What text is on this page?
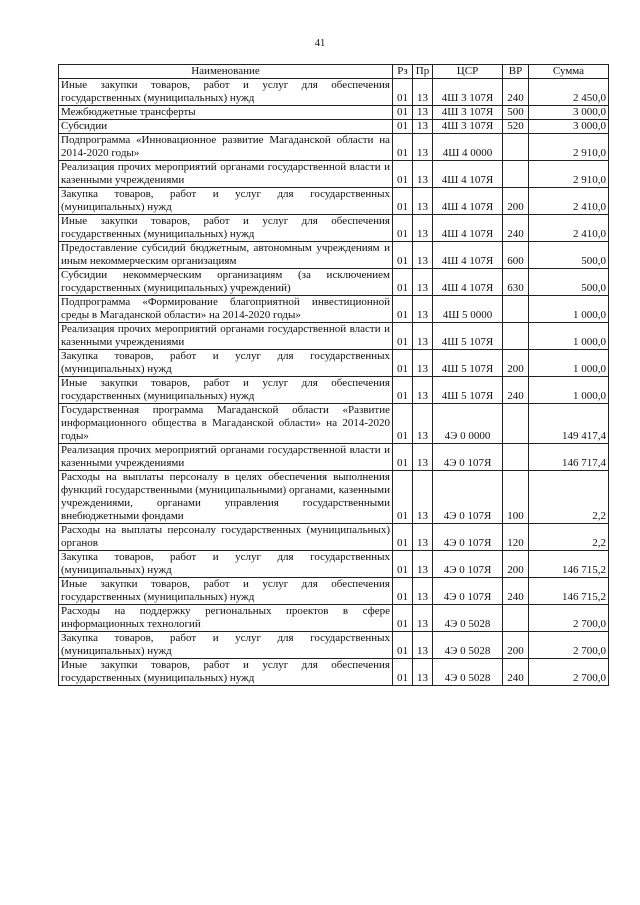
41
Наименование	Рз	Пр	ЦСР	ВР	Сумма
Иные закупки товаров, работ и услуг для обеспечения государственных (муниципальных) нужд	01	13	4Ш 3 107Я	240	2 450,0
Межбюджетные трансферты	01	13	4Ш 3 107Я	500	3 000,0
Субсидии	01	13	4Ш 3 107Я	520	3 000,0
Подпрограмма «Инновационное развитие Магаданской области на 2014-2020 годы»	01	13	4Ш 4 0000		2 910,0
Реализация прочих мероприятий органами государственной власти и казенными учреждениями	01	13	4Ш 4 107Я		2 910,0
Закупка товаров, работ и услуг для государственных (муниципальных) нужд	01	13	4Ш 4 107Я	200	2 410,0
Иные закупки товаров, работ и услуг для обеспечения государственных (муниципальных) нужд	01	13	4Ш 4 107Я	240	2 410,0
Предоставление субсидий бюджетным, автономным учреждениям и иным некоммерческим организациям	01	13	4Ш 4 107Я	600	500,0
Субсидии некоммерческим организациям (за исключением государственных (муниципальных) учреждений)	01	13	4Ш 4 107Я	630	500,0
Подпрограмма «Формирование благоприятной инвестиционной среды в Магаданской области» на 2014-2020 годы»	01	13	4Ш 5 0000		1 000,0
Реализация прочих мероприятий органами государственной власти и казенными учреждениями	01	13	4Ш 5 107Я		1 000,0
Закупка товаров, работ и услуг для государственных (муниципальных) нужд	01	13	4Ш 5 107Я	200	1 000,0
Иные закупки товаров, работ и услуг для обеспечения государственных (муниципальных) нужд	01	13	4Ш 5 107Я	240	1 000,0
Государственная программа Магаданской области «Развитие информационного общества в Магаданской области» на 2014-2020 годы»	01	13	4Э 0 0000		149 417,4
Реализация прочих мероприятий органами государственной власти и казенными учреждениями	01	13	4Э 0 107Я		146 717,4
Расходы на выплаты персоналу в целях обеспечения выполнения функций государственными (муниципальными) органами, казенными учреждениями, органами управления государственными внебюджетными фондами	01	13	4Э 0 107Я	100	2,2
Расходы на выплаты персоналу государственных (муниципальных) органов	01	13	4Э 0 107Я	120	2,2
Закупка товаров, работ и услуг для государственных (муниципальных) нужд	01	13	4Э 0 107Я	200	146 715,2
Иные закупки товаров, работ и услуг для обеспечения государственных (муниципальных) нужд	01	13	4Э 0 107Я	240	146 715,2
Расходы на поддержку региональных проектов в сфере информационных технологий	01	13	4Э 0 5028		2 700,0
Закупка товаров, работ и услуг для государственных (муниципальных) нужд	01	13	4Э 0 5028	200	2 700,0
Иные закупки товаров, работ и услуг для обеспечения государственных (муниципальных) нужд	01	13	4Э 0 5028	240	2 700,0
